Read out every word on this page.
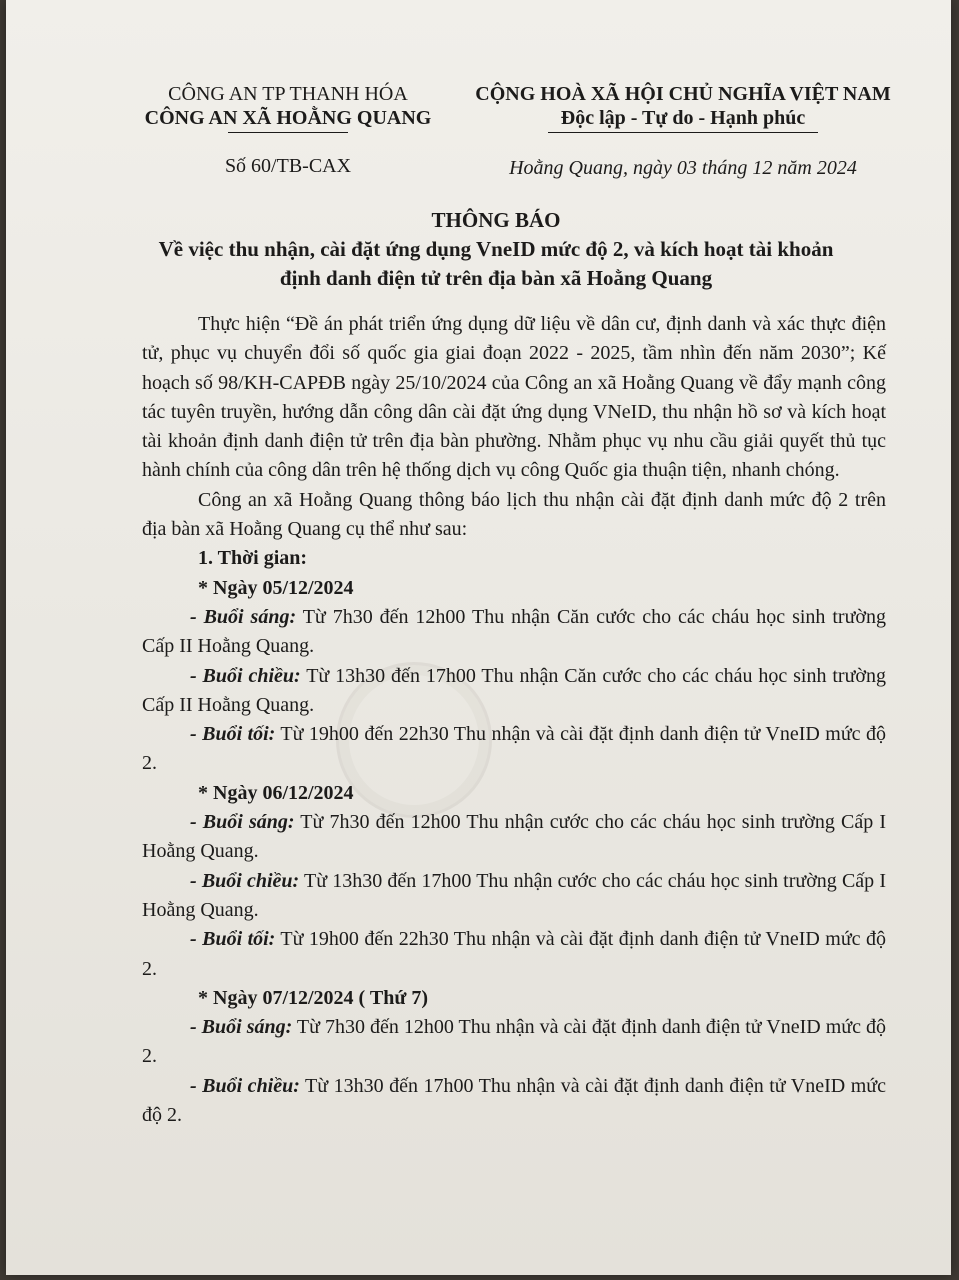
CÔNG AN TP THANH HÓA
CÔNG AN XÃ HOẰNG QUANG
CỘNG HOÀ XÃ HỘI CHỦ NGHĨA VIỆT NAM
Độc lập - Tự do - Hạnh phúc
Số 60/TB-CAX	Hoằng Quang, ngày 03 tháng 12 năm 2024
THÔNG BÁO
Về việc thu nhận, cài đặt ứng dụng VneID mức độ 2, và kích hoạt tài khoản
định danh điện tử trên địa bàn xã Hoằng Quang

Thực hiện “Đề án phát triển ứng dụng dữ liệu về dân cư, định danh và xác thực điện tử, phục vụ chuyển đổi số quốc gia giai đoạn 2022 - 2025, tầm nhìn đến năm 2030”; Kế hoạch số 98/KH-CAPĐB ngày 25/10/2024 của Công an xã Hoằng Quang về đẩy mạnh công tác tuyên truyền, hướng dẫn công dân cài đặt ứng dụng VNeID, thu nhận hồ sơ và kích hoạt tài khoản định danh điện tử trên địa bàn phường. Nhằm phục vụ nhu cầu giải quyết thủ tục hành chính của công dân trên hệ thống dịch vụ công Quốc gia thuận tiện, nhanh chóng.

Công an xã Hoằng Quang thông báo lịch thu nhận cài đặt định danh mức độ 2 trên địa bàn xã Hoằng Quang cụ thể như sau:

1. Thời gian:
* Ngày 05/12/2024
- Buổi sáng: Từ 7h30 đến 12h00 Thu nhận Căn cước cho các cháu học sinh trường Cấp II Hoằng Quang.
- Buổi chiều: Từ 13h30 đến 17h00 Thu nhận Căn cước cho các cháu học sinh trường Cấp II Hoằng Quang.
- Buổi tối: Từ 19h00 đến 22h30 Thu nhận và cài đặt định danh điện tử VneID mức độ 2.
* Ngày 06/12/2024
- Buổi sáng: Từ 7h30 đến 12h00 Thu nhận cước cho các cháu học sinh trường Cấp I Hoằng Quang.
- Buổi chiều: Từ 13h30 đến 17h00 Thu nhận cước cho các cháu học sinh trường Cấp I Hoằng Quang.
- Buổi tối: Từ 19h00 đến 22h30 Thu nhận và cài đặt định danh điện tử VneID mức độ 2.
* Ngày 07/12/2024 ( Thứ 7)
- Buổi sáng: Từ 7h30 đến 12h00 Thu nhận và cài đặt định danh điện tử VneID mức độ 2.
- Buổi chiều: Từ 13h30 đến 17h00 Thu nhận và cài đặt định danh điện tử VneID mức độ 2.
